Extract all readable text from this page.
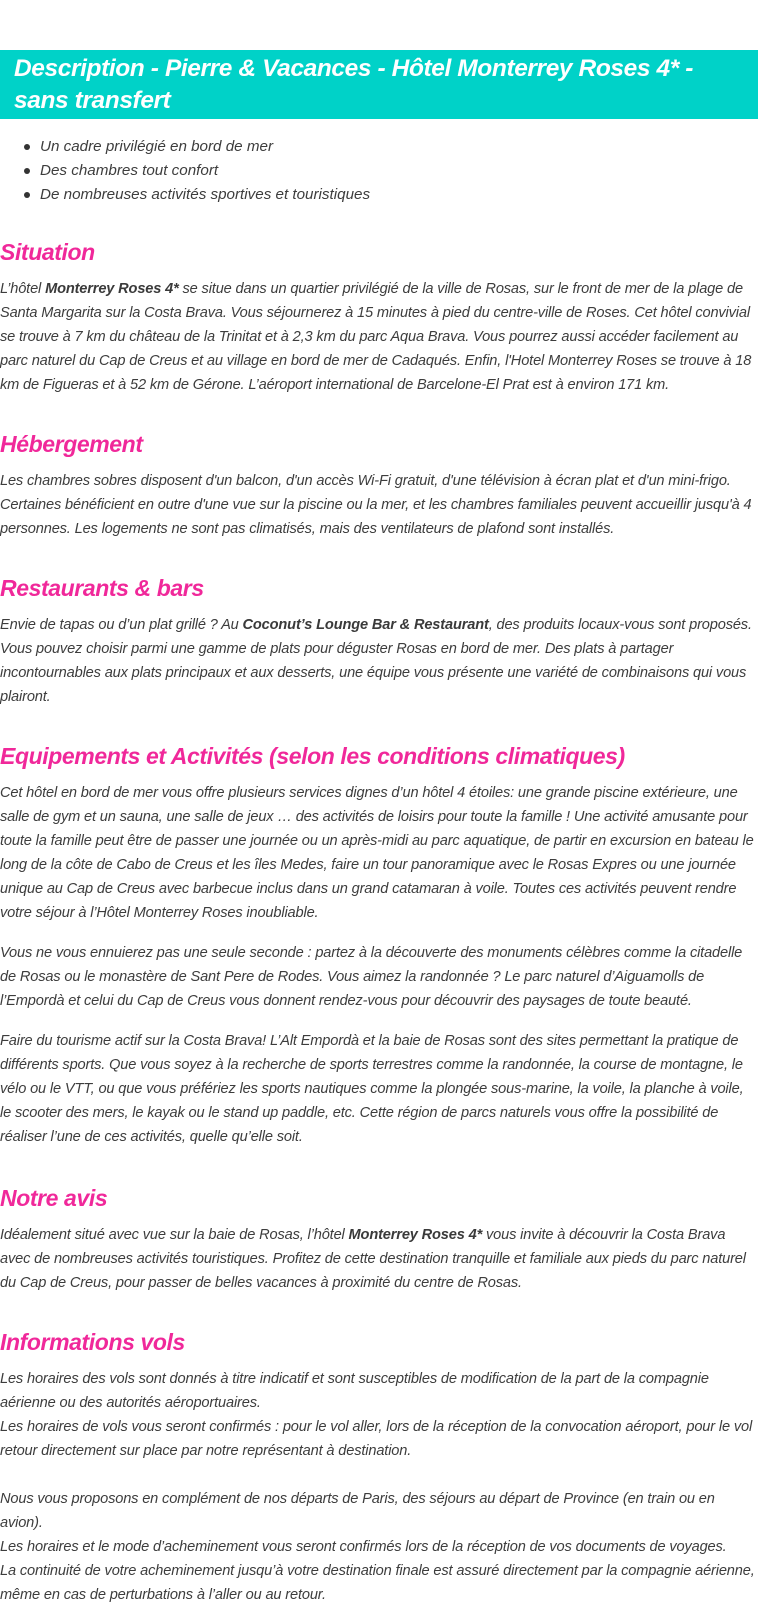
Description - Pierre & Vacances - Hôtel Monterrey Roses 4* - sans transfert
Un cadre privilégié en bord de mer
Des chambres tout confort
De nombreuses activités sportives et touristiques
Situation

L’hôtel Monterrey Roses 4* se situe dans un quartier privilégié de la ville de Rosas, sur le front de mer de la plage de Santa Margarita sur la Costa Brava. Vous séjournerez à 15 minutes à pied du centre-ville de Roses. Cet hôtel convivial se trouve à 7 km du château de la Trinitat et à 2,3 km du parc Aqua Brava. Vous pourrez aussi accéder facilement au parc naturel du Cap de Creus et au village en bord de mer de Cadaqués. Enfin, l'Hotel Monterrey Roses se trouve à 18 km de Figueras et à 52 km de Gérone. L’aéroport international de Barcelone-El Prat est à environ 171 km.

Hébergement

Les chambres sobres disposent d'un balcon, d'un accès Wi-Fi gratuit, d'une télévision à écran plat et d'un mini-frigo. Certaines bénéficient en outre d'une vue sur la piscine ou la mer, et les chambres familiales peuvent accueillir jusqu'à 4 personnes. Les logements ne sont pas climatisés, mais des ventilateurs de plafond sont installés.

Restaurants & bars

Envie de tapas ou d’un plat grillé ? Au Coconut’s Lounge Bar & Restaurant, des produits locaux-vous sont proposés. Vous pouvez choisir parmi une gamme de plats pour déguster Rosas en bord de mer. Des plats à partager incontournables aux plats principaux et aux desserts, une équipe vous présente une variété de combinaisons qui vous plairont.

Equipements et Activités (selon les conditions climatiques)

Cet hôtel en bord de mer vous offre plusieurs services dignes d’un hôtel 4 étoiles: une grande piscine extérieure, une salle de gym et un sauna, une salle de jeux … des activités de loisirs pour toute la famille ! Une activité amusante pour toute la famille peut être de passer une journée ou un après-midi au parc aquatique, de partir en excursion en bateau le long de la côte de Cabo de Creus et les îles Medes, faire un tour panoramique avec le Rosas Expres ou une journée unique au Cap de Creus avec barbecue inclus dans un grand catamaran à voile. Toutes ces activités peuvent rendre votre séjour à l’Hôtel Monterrey Roses inoubliable.

Vous ne vous ennuierez pas une seule seconde : partez à la découverte des monuments célèbres comme la citadelle de Rosas ou le monastère de Sant Pere de Rodes. Vous aimez la randonnée ? Le parc naturel d’Aiguamolls de l’Empordà et celui du Cap de Creus vous donnent rendez-vous pour découvrir des paysages de toute beauté.

Faire du tourisme actif sur la Costa Brava! L’Alt Empordà et la baie de Rosas sont des sites permettant la pratique de différents sports. Que vous soyez à la recherche de sports terrestres comme la randonnée, la course de montagne, le vélo ou le VTT, ou que vous préfériez les sports nautiques comme la plongée sous-marine, la voile, la planche à voile, le scooter des mers, le kayak ou le stand up paddle, etc. Cette région de parcs naturels vous offre la possibilité de réaliser l’une de ces activités, quelle qu’elle soit.

Notre avis

Idéalement situé avec vue sur la baie de Rosas, l’hôtel Monterrey Roses 4* vous invite à découvrir la Costa Brava avec de nombreuses activités touristiques. Profitez de cette destination tranquille et familiale aux pieds du parc naturel du Cap de Creus, pour passer de belles vacances à proximité du centre de Rosas.

Informations vols

Les horaires des vols sont donnés à titre indicatif et sont susceptibles de modification de la part de la compagnie aérienne ou des autorités aéroportuaires.

Les horaires de vols vous seront confirmés : pour le vol aller, lors de la réception de la convocation aéroport, pour le vol retour directement sur place par notre représentant à destination.

Nous vous proposons en complément de nos départs de Paris, des séjours au départ de Province (en train ou en avion).

Les horaires et le mode d’acheminement vous seront confirmés lors de la réception de vos documents de voyages.

La continuité de votre acheminement jusqu’à votre destination finale est assuré directement par la compagnie aérienne, même en cas de perturbations à l’aller ou au retour.
